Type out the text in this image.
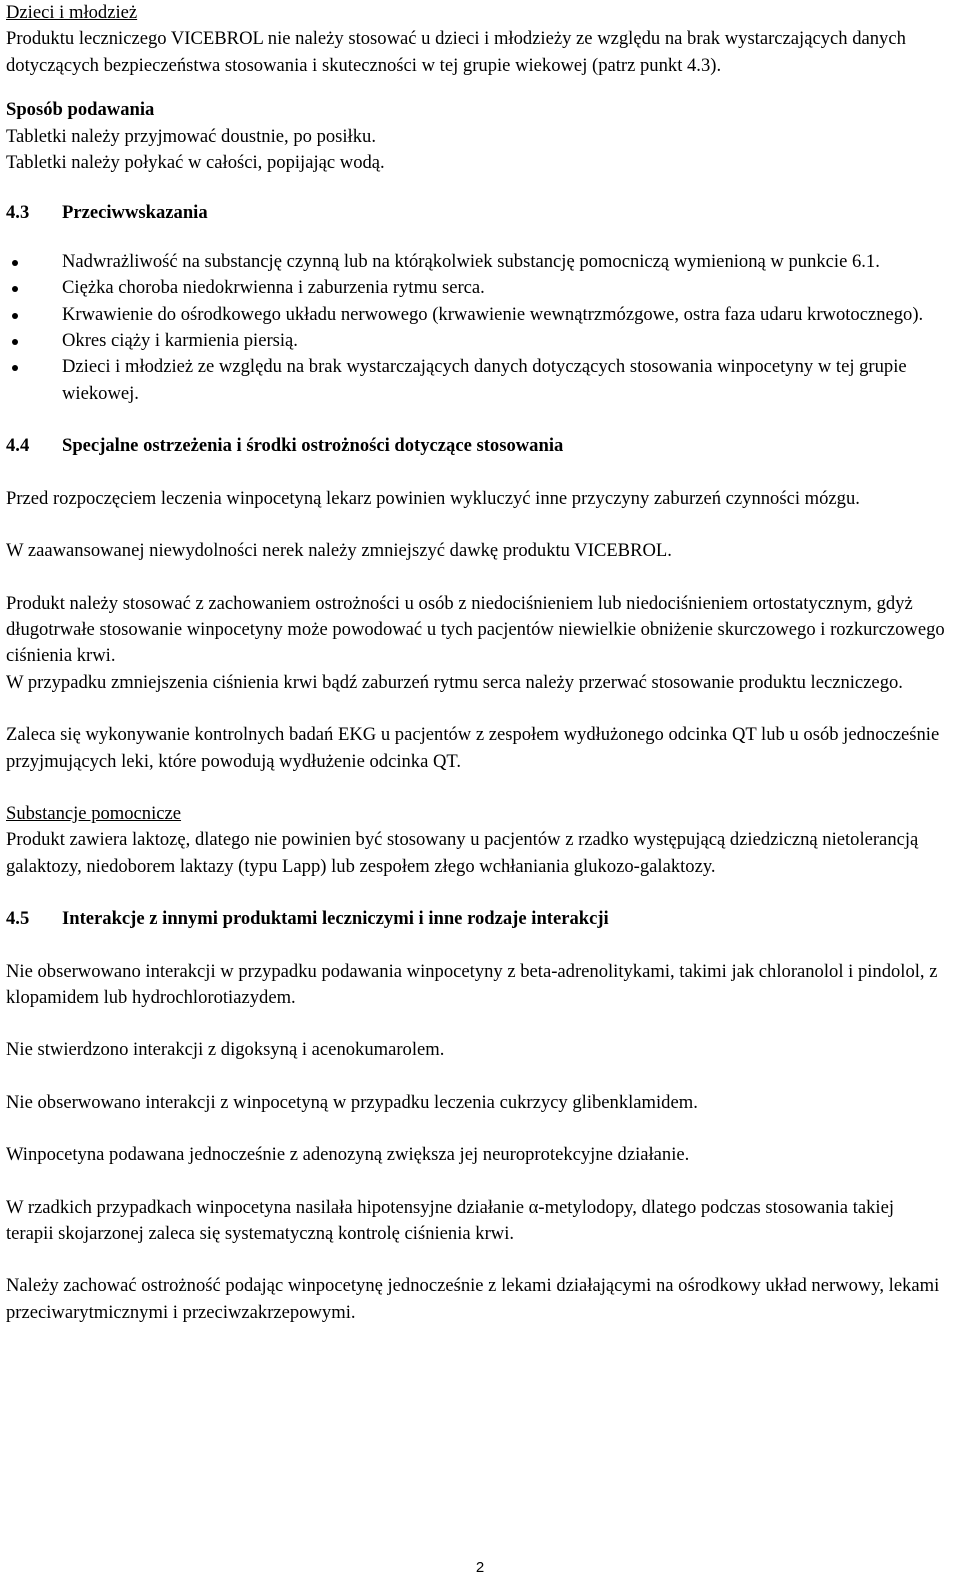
Dzieci i młodzież

Produktu leczniczego VICEBROL nie należy stosować u dzieci i młodzieży ze względu na brak wystarczających danych dotyczących bezpieczeństwa stosowania i skuteczności w tej grupie wiekowej (patrz punkt 4.3).

Sposób podawania

Tabletki należy przyjmować doustnie, po posiłku.

Tabletki należy połykać w całości, popijając wodą.

4.3	Przeciwwskazania
Nadwrażliwość na substancję czynną lub na którąkolwiek substancję pomocniczą wymienioną w punkcie 6.1.
Ciężka choroba niedokrwienna i zaburzenia rytmu serca.
Krwawienie do ośrodkowego układu nerwowego (krwawienie wewnątrzmózgowe, ostra faza udaru krwotocznego).
Okres ciąży i karmienia piersią.
Dzieci i młodzież ze względu na brak wystarczających danych dotyczących stosowania winpocetyny w tej grupie wiekowej.
4.4	Specjalne ostrzeżenia i środki ostrożności dotyczące stosowania

Przed rozpoczęciem leczenia winpocetyną lekarz powinien wykluczyć inne przyczyny zaburzeń czynności mózgu.

W zaawansowanej niewydolności nerek należy zmniejszyć dawkę produktu VICEBROL.

Produkt należy stosować z zachowaniem ostrożności u osób z niedociśnieniem lub niedociśnieniem ortostatycznym, gdyż długotrwałe stosowanie winpocetyny może powodować u tych pacjentów niewielkie obniżenie skurczowego i rozkurczowego ciśnienia krwi.

W przypadku zmniejszenia ciśnienia krwi bądź zaburzeń rytmu serca należy przerwać stosowanie produktu leczniczego.

Zaleca się wykonywanie kontrolnych badań EKG u pacjentów z zespołem wydłużonego odcinka QT lub u osób jednocześnie przyjmujących leki, które powodują wydłużenie odcinka QT.

Substancje pomocnicze

Produkt zawiera laktozę, dlatego nie powinien być stosowany u pacjentów z rzadko występującą dziedziczną nietolerancją galaktozy, niedoborem laktazy (typu Lapp) lub zespołem złego wchłaniania glukozo-galaktozy.

4.5	Interakcje z innymi produktami leczniczymi i inne rodzaje interakcji

Nie obserwowano interakcji w przypadku podawania winpocetyny z beta-adrenolitykami, takimi jak chloranolol i pindolol, z klopamidem lub hydrochlorotiazydem.

Nie stwierdzono interakcji z digoksyną i acenokumarolem.

Nie obserwowano interakcji z winpocetyną w przypadku leczenia cukrzycy glibenklamidem.

Winpocetyna podawana jednocześnie z adenozyną zwiększa jej neuroprotekcyjne działanie.

W rzadkich przypadkach winpocetyna nasilała hipotensyjne działanie α-metylodopy, dlatego podczas stosowania takiej terapii skojarzonej zaleca się systematyczną kontrolę ciśnienia krwi.

Należy zachować ostrożność podając winpocetynę jednocześnie z lekami działającymi na ośrodkowy układ nerwowy, lekami przeciwarytmicznymi i przeciwzakrzepowymi.

2
